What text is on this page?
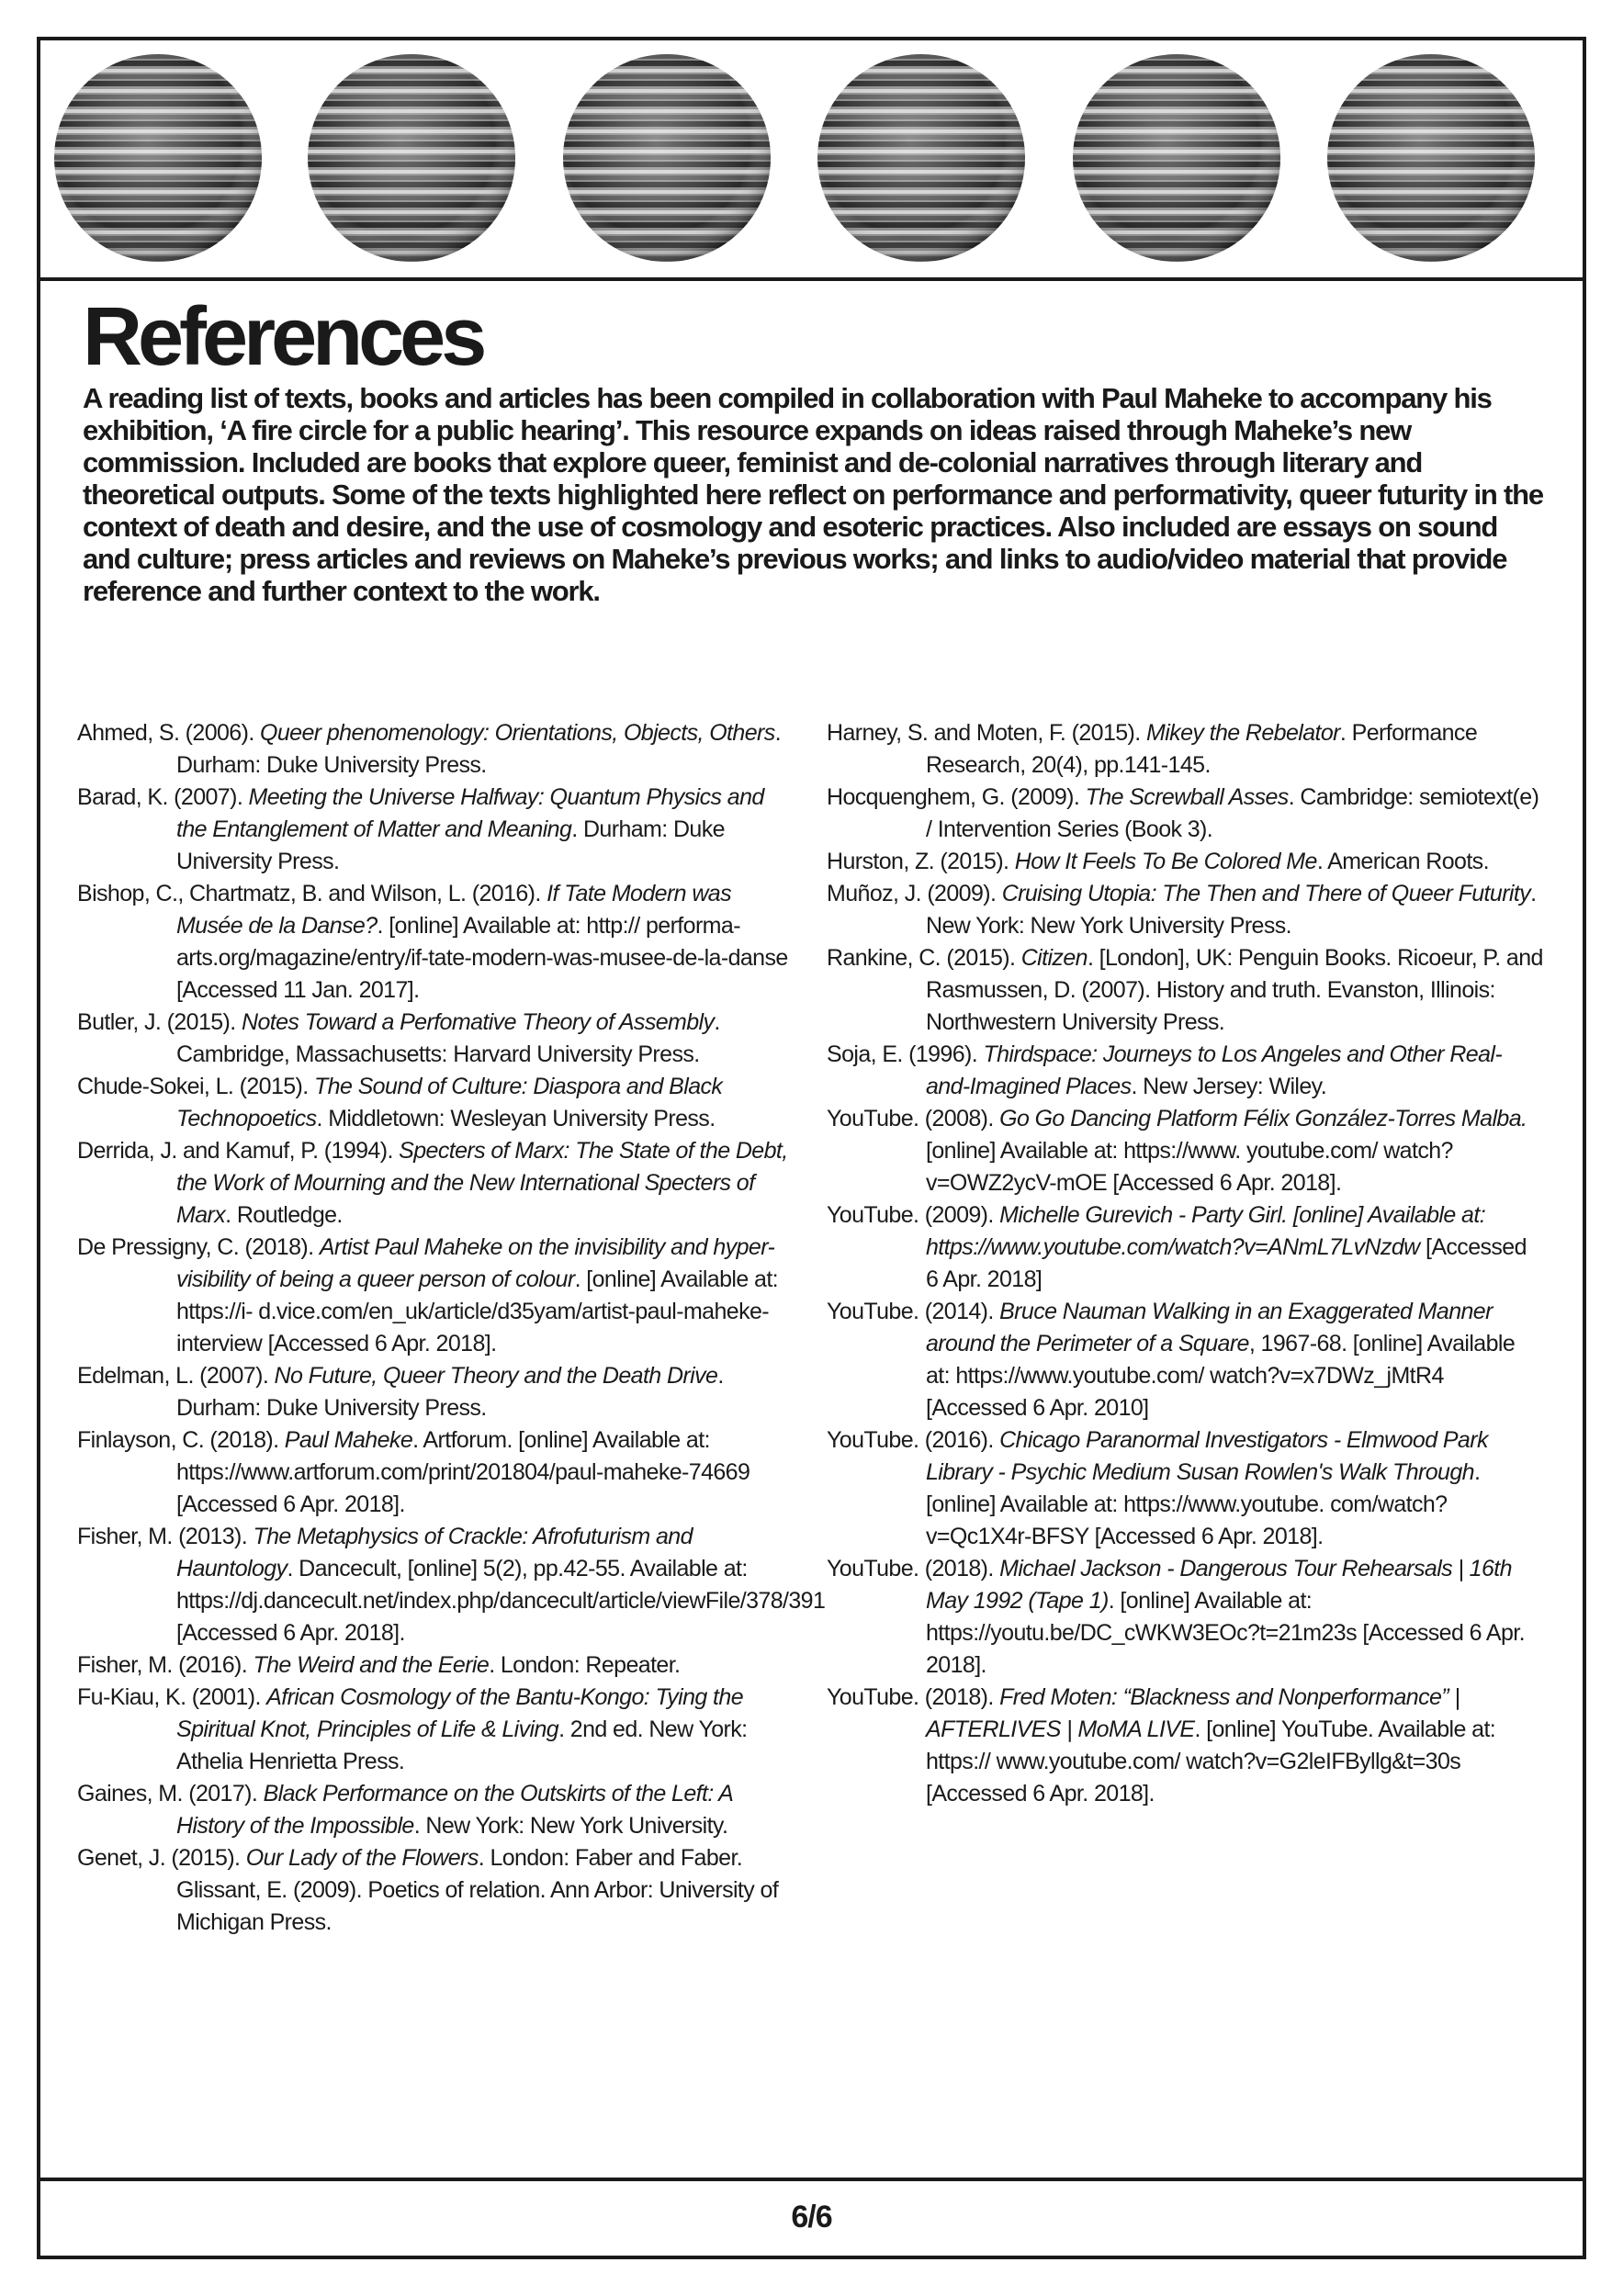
References

A reading list of texts, books and articles has been compiled in collaboration with Paul Maheke to accompany his exhibition, ‘A fire circle for a public hearing’. This resource expands on ideas raised through Maheke’s new commission. Included are books that explore queer, feminist and de-colonial narratives through literary and theoretical outputs. Some of the texts highlighted here reflect on performance and performativity, queer futurity in the context of death and desire, and the use of cosmology and esoteric practices. Also included are essays on sound and culture; press articles and reviews on Maheke’s previous works; and links to audio/video material that provide reference and further context to the work.

Ahmed, S. (2006). Queer phenomenology: Orientations, Objects, Others. Durham: Duke University Press.
Barad, K. (2007). Meeting the Universe Halfway: Quantum Physics and the Entanglement of Matter and Meaning. Durham: Duke University Press.
Bishop, C., Chartmatz, B. and Wilson, L. (2016). If Tate Modern was Musée de la Danse?. [online] Available at: http:// performa-arts.org/magazine/entry/if-tate-modern-was-musee-de-la-danse [Accessed 11 Jan. 2017].
Butler, J. (2015). Notes Toward a Perfomative Theory of Assembly. Cambridge, Massachusetts: Harvard University Press.
Chude-Sokei, L. (2015). The Sound of Culture: Diaspora and Black Technopoetics. Middletown: Wesleyan University Press.
Derrida, J. and Kamuf, P. (1994). Specters of Marx: The State of the Debt, the Work of Mourning and the New International Specters of Marx. Routledge.
De Pressigny, C. (2018). Artist Paul Maheke on the invisibility and hyper-visibility of being a queer person of colour. [online] Available at: https://i- d.vice.com/en_uk/article/d35yam/artist-paul-maheke-interview [Accessed 6 Apr. 2018].
Edelman, L. (2007). No Future, Queer Theory and the Death Drive. Durham: Duke University Press.
Finlayson, C. (2018). Paul Maheke. Artforum. [online] Available at: https://www.artforum.com/print/201804/paul-maheke-74669 [Accessed 6 Apr. 2018].
Fisher, M. (2013). The Metaphysics of Crackle: Afrofuturism and Hauntology. Dancecult, [online] 5(2), pp.42-55. Available at: https://dj.dancecult.net/index.php/dancecult/article/viewFile/378/391 [Accessed 6 Apr. 2018].
Fisher, M. (2016). The Weird and the Eerie. London: Repeater.
Fu-Kiau, K. (2001). African Cosmology of the Bantu-Kongo: Tying the Spiritual Knot, Principles of Life & Living. 2nd ed. New York: Athelia Henrietta Press.
Gaines, M. (2017). Black Performance on the Outskirts of the Left: A History of the Impossible. New York: New York University.
Genet, J. (2015). Our Lady of the Flowers. London: Faber and Faber. Glissant, E. (2009). Poetics of relation. Ann Arbor: University of Michigan Press.
Harney, S. and Moten, F. (2015). Mikey the Rebelator. Performance Research, 20(4), pp.141-145.
Hocquenghem, G. (2009). The Screwball Asses. Cambridge: semiotext(e) / Intervention Series (Book 3).
Hurston, Z. (2015). How It Feels To Be Colored Me. American Roots.
Muñoz, J. (2009). Cruising Utopia: The Then and There of Queer Futurity. New York: New York University Press.
Rankine, C. (2015). Citizen. [London], UK: Penguin Books. Ricoeur, P. and Rasmussen, D. (2007). History and truth. Evanston, Illinois: Northwestern University Press.
Soja, E. (1996). Thirdspace: Journeys to Los Angeles and Other Real- and-Imagined Places. New Jersey: Wiley.
YouTube. (2008). Go Go Dancing Platform Félix González-Torres Malba. [online] Available at: https://www. youtube.com/ watch?v=OWZ2ycV-mOE [Accessed 6 Apr. 2018].
YouTube. (2009). Michelle Gurevich - Party Girl. [online] Available at: https://www.youtube.com/watch?v=ANmL7LvNzdw [Accessed 6 Apr. 2018]
YouTube. (2014). Bruce Nauman Walking in an Exaggerated Manner around the Perimeter of a Square, 1967-68. [online] Available at: https://www.youtube.com/ watch?v=x7DWz_jMtR4 [Accessed 6 Apr. 2010]
YouTube. (2016). Chicago Paranormal Investigators - Elmwood Park Library - Psychic Medium Susan Rowlen's Walk Through. [online] Available at: https://www.youtube. com/watch?v=Qc1X4r-BFSY [Accessed 6 Apr. 2018].
YouTube. (2018). Michael Jackson - Dangerous Tour Rehearsals | 16th May 1992 (Tape 1). [online] Available at: https://youtu.be/DC_cWKW3EOc?t=21m23s [Accessed 6 Apr. 2018].
YouTube. (2018). Fred Moten: “Blackness and Nonperformance” | AFTERLIVES | MoMA LIVE. [online] YouTube. Available at: https:// www.youtube.com/ watch?v=G2leIFByllg&t=30s [Accessed 6 Apr. 2018].
6/6
